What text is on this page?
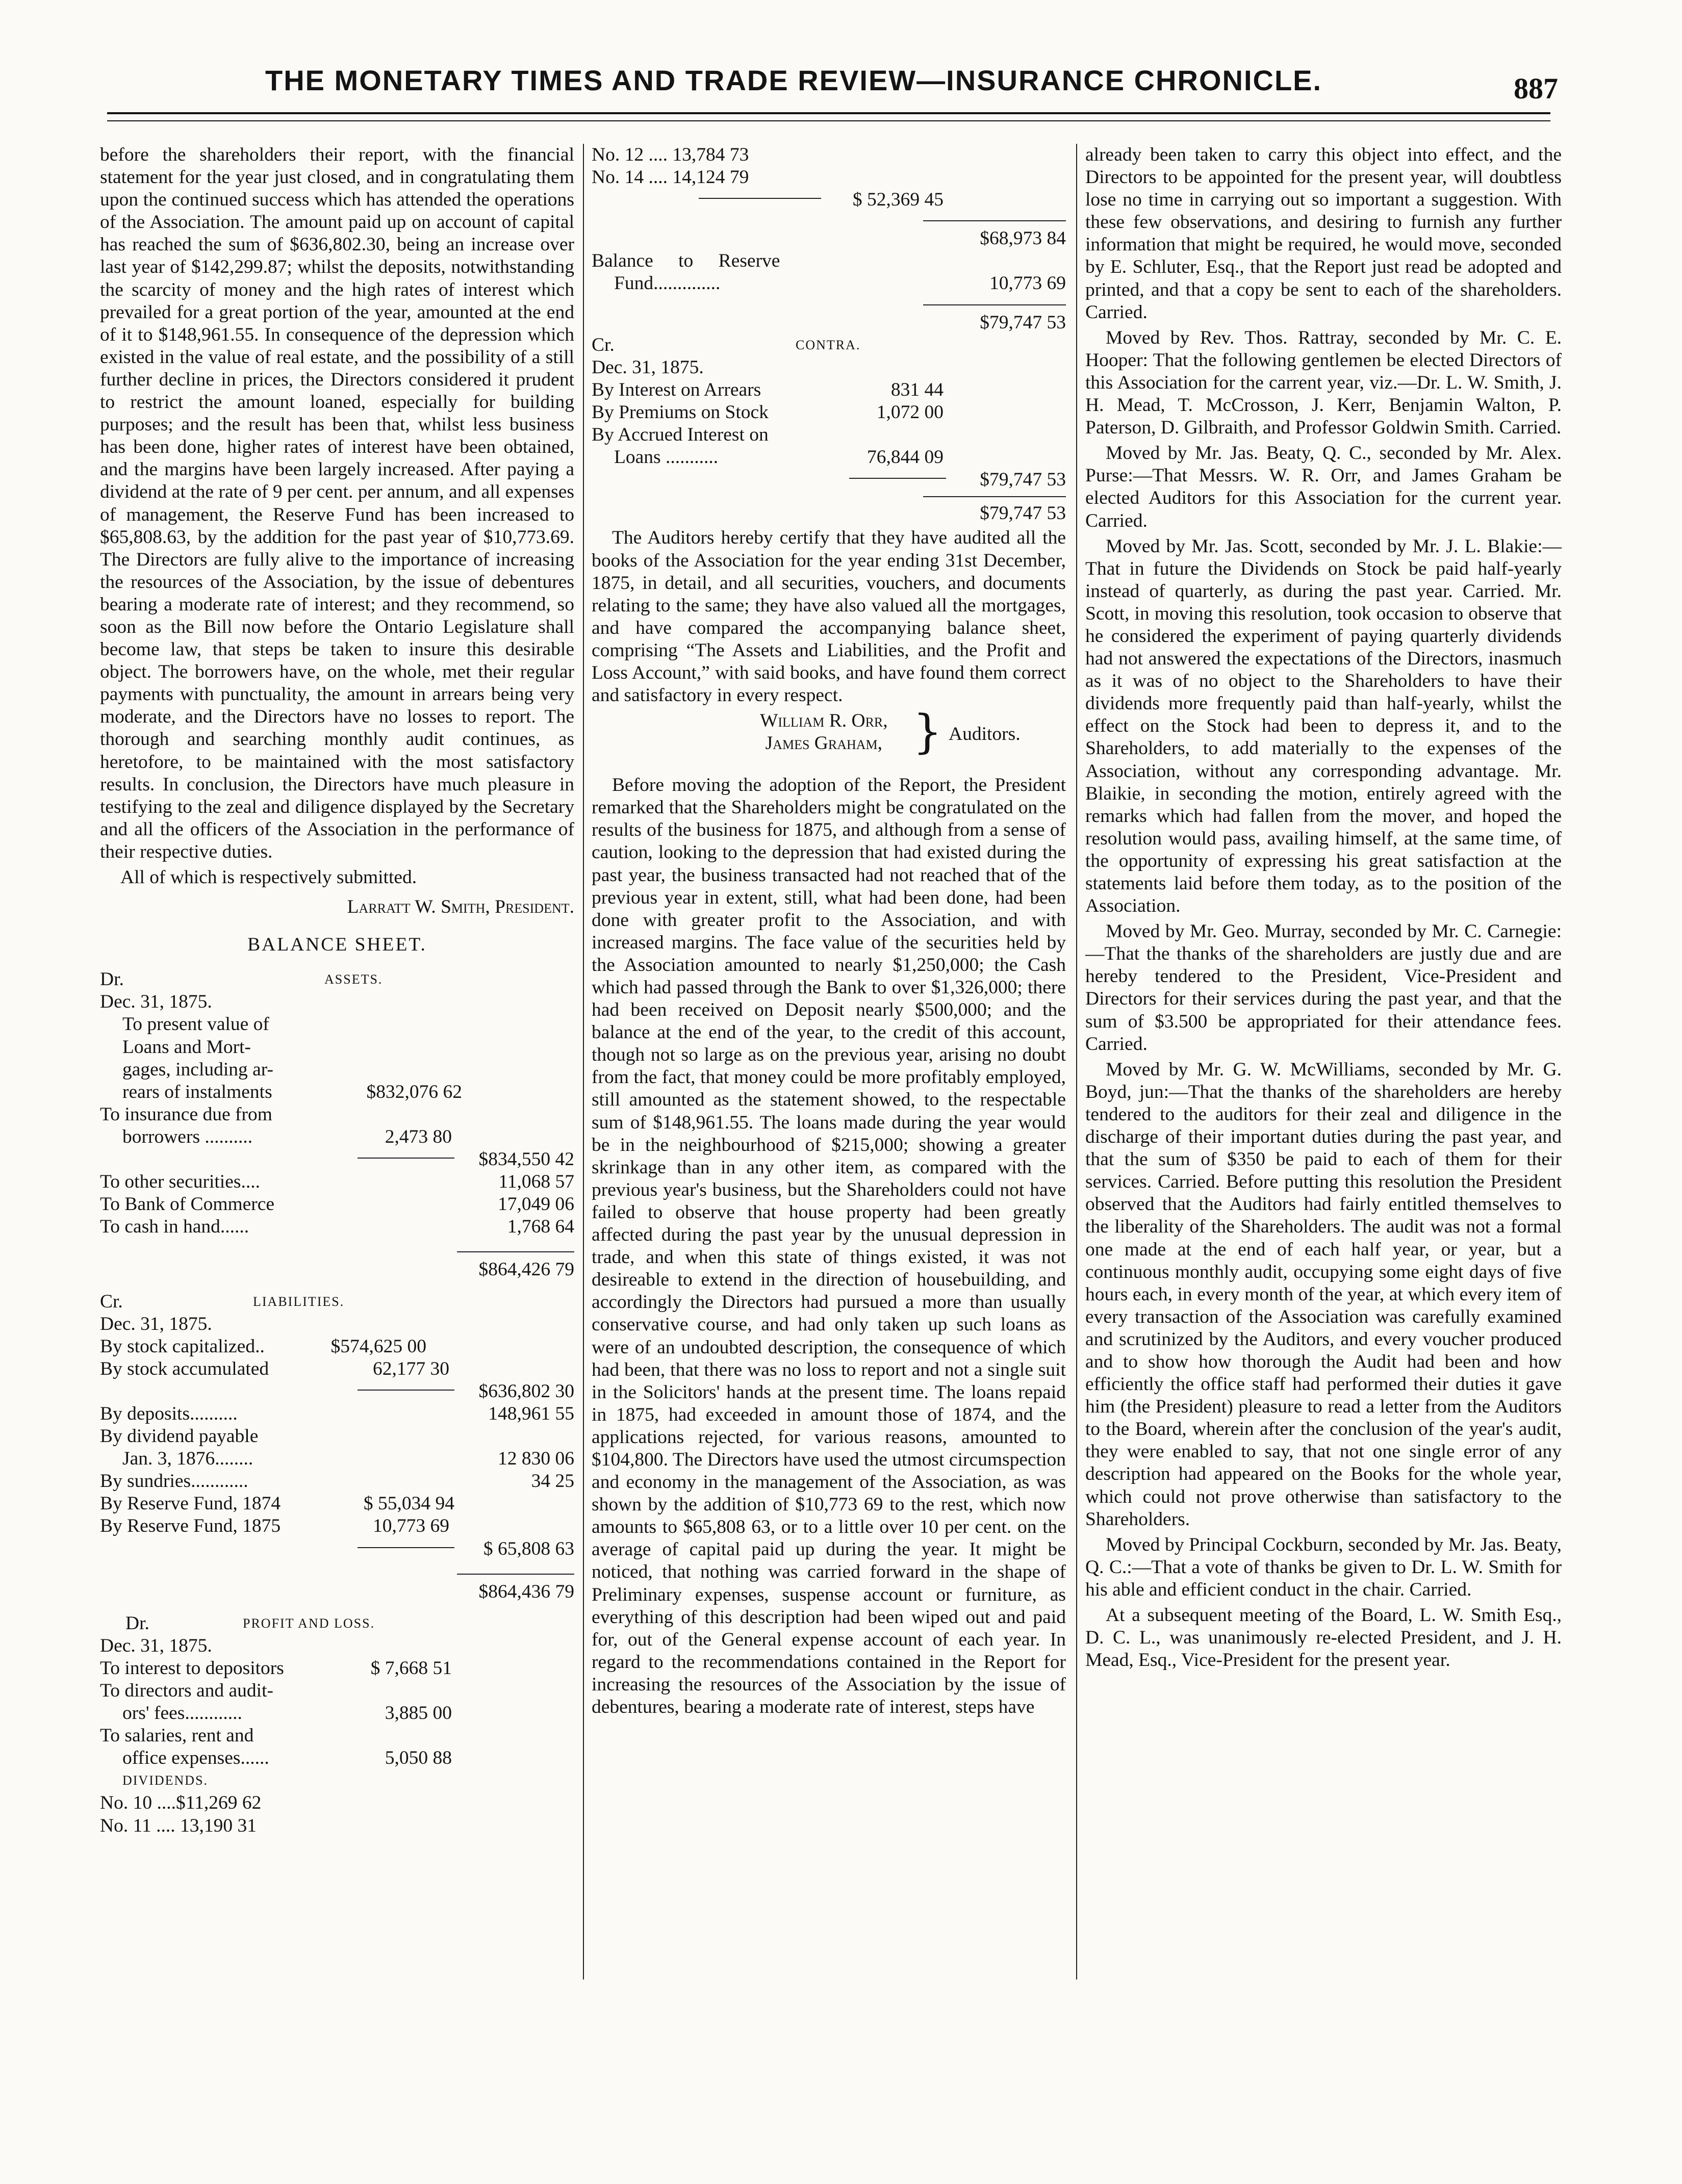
THE MONETARY TIMES AND TRADE REVIEW—INSURANCE CHRONICLE.	887

before the shareholders their report, with the financial statement for the year just closed, and in congratulating them upon the continued success which has attended the operations of the Association. The amount paid up on account of capital has reached the sum of $636,802.30, being an increase over last year of $142,299.87; whilst the deposits, notwithstanding the scarcity of money and the high rates of interest which prevailed for a great portion of the year, amounted at the end of it to $148,961.55. In consequence of the depression which existed in the value of real estate, and the possibility of a still further decline in prices, the Directors considered it prudent to restrict the amount loaned, especially for building purposes; and the result has been that, whilst less business has been done, higher rates of interest have been obtained, and the margins have been largely increased. After paying a dividend at the rate of 9 per cent. per annum, and all expenses of management, the Reserve Fund has been increased to $65,808.63, by the addition for the past year of $10,773.69. The Directors are fully alive to the importance of increasing the resources of the Association, by the issue of debentures bearing a moderate rate of interest; and they recommend, so soon as the Bill now before the Ontario Legislature shall become law, that steps be taken to insure this desirable object. The borrowers have, on the whole, met their regular payments with punctuality, the amount in arrears being very moderate, and the Directors have no losses to report. The thorough and searching monthly audit continues, as heretofore, to be maintained with the most satisfactory results. In conclusion, the Directors have much pleasure in testifying to the zeal and diligence displayed by the Secretary and all the officers of the Association in the performance of their respective duties.

All of which is respectively submitted.

Larratt W. Smith, President.
BALANCE SHEET.
Dr.	ASSETS.
Dec. 31, 1875.
To present value of
Loans and Mort-
gages, including ar-
rears of instalments	$832,076 62
To insurance due from
borrowers ..........	2,473 80
$834,550 42
To other securities....	11,068 57
To Bank of Commerce	17,049 06
To cash in hand......	1,768 64
$864,426 79
Cr.	LIABILITIES.
Dec. 31, 1875.
By stock capitalized..	$574,625 00
By stock accumulated	62,177 30
$636,802 30
By deposits..........	148,961 55
By dividend payable
Jan. 3, 1876........	12 830 06
By sundries............	34 25
By Reserve Fund, 1874	$ 55,034 94
By Reserve Fund, 1875	10,773 69
$ 65,808 63
$864,436 79
Dr.	PROFIT AND LOSS.
Dec. 31, 1875.
To interest to depositors	$ 7,668 51
To directors and audit-
ors' fees............	3,885 00
To salaries, rent and
office expenses......	5,050 88
DIVIDENDS.
No. 10 ....$11,269 62
No. 11 .... 13,190 31
No. 12 .... 13,784 73
No. 14 .... 14,124 79
$ 52,369 45
$68,973 84
Balance to Reserve
Fund..............	10,773 69
$79,747 53
Cr.	CONTRA.
Dec. 31, 1875.
By Interest on Arrears	831 44
By Premiums on Stock	1,072 00
By Accrued Interest on
Loans ...........	76,844 09
$79,747 53
$79,747 53

The Auditors hereby certify that they have audited all the books of the Association for the year ending 31st December, 1875, in detail, and all securities, vouchers, and documents relating to the same; they have also valued all the mortgages, and have compared the accompanying balance sheet, comprising “The Assets and Liabilities, and the Profit and Loss Account,” with said books, and have found them correct and satisfactory in every respect.

William R. Orr,
James Graham, } Auditors.

Before moving the adoption of the Report, the President remarked that the Shareholders might be congratulated on the results of the business for 1875, and although from a sense of caution, looking to the depression that had existed during the past year, the business transacted had not reached that of the previous year in extent, still, what had been done, had been done with greater profit to the Association, and with increased margins. The face value of the securities held by the Association amounted to nearly $1,250,000; the Cash which had passed through the Bank to over $1,326,000; there had been received on Deposit nearly $500,000; and the balance at the end of the year, to the credit of this account, though not so large as on the previous year, arising no doubt from the fact, that money could be more profitably employed, still amounted as the statement showed, to the respectable sum of $148,961.55. The loans made during the year would be in the neighbourhood of $215,000; showing a greater skrinkage than in any other item, as compared with the previous year's business, but the Shareholders could not have failed to observe that house property had been greatly affected during the past year by the unusual depression in trade, and when this state of things existed, it was not desireable to extend in the direction of housebuilding, and accordingly the Directors had pursued a more than usually conservative course, and had only taken up such loans as were of an undoubted description, the consequence of which had been, that there was no loss to report and not a single suit in the Solicitors' hands at the present time. The loans repaid in 1875, had exceeded in amount those of 1874, and the applications rejected, for various reasons, amounted to $104,800. The Directors have used the utmost circumspection and economy in the management of the Association, as was shown by the addition of $10,773 69 to the rest, which now amounts to $65,808 63, or to a little over 10 per cent. on the average of capital paid up during the year. It might be noticed, that nothing was carried forward in the shape of Preliminary expenses, suspense account or furniture, as everything of this description had been wiped out and paid for, out of the General expense account of each year. In regard to the recommendations contained in the Report for increasing the resources of the Association by the issue of debentures, bearing a moderate rate of interest, steps have

already been taken to carry this object into effect, and the Directors to be appointed for the present year, will doubtless lose no time in carrying out so important a suggestion. With these few observations, and desiring to furnish any further information that might be required, he would move, seconded by E. Schluter, Esq., that the Report just read be adopted and printed, and that a copy be sent to each of the shareholders. Carried.

Moved by Rev. Thos. Rattray, seconded by Mr. C. E. Hooper: That the following gentlemen be elected Directors of this Association for the carrent year, viz.—Dr. L. W. Smith, J. H. Mead, T. McCrosson, J. Kerr, Benjamin Walton, P. Paterson, D. Gilbraith, and Professor Goldwin Smith. Carried.

Moved by Mr. Jas. Beaty, Q. C., seconded by Mr. Alex. Purse:—That Messrs. W. R. Orr, and James Graham be elected Auditors for this Association for the current year. Carried.

Moved by Mr. Jas. Scott, seconded by Mr. J. L. Blakie:—That in future the Dividends on Stock be paid half-yearly instead of quarterly, as during the past year. Carried. Mr. Scott, in moving this resolution, took occasion to observe that he considered the experiment of paying quarterly dividends had not answered the expectations of the Directors, inasmuch as it was of no object to the Shareholders to have their dividends more frequently paid than half-yearly, whilst the effect on the Stock had been to depress it, and to the Shareholders, to add materially to the expenses of the Association, without any corresponding advantage. Mr. Blaikie, in seconding the motion, entirely agreed with the remarks which had fallen from the mover, and hoped the resolution would pass, availing himself, at the same time, of the opportunity of expressing his great satisfaction at the statements laid before them today, as to the position of the Association.

Moved by Mr. Geo. Murray, seconded by Mr. C. Carnegie:—That the thanks of the shareholders are justly due and are hereby tendered to the President, Vice-President and Directors for their services during the past year, and that the sum of $3.500 be appropriated for their attendance fees. Carried.

Moved by Mr. G. W. McWilliams, seconded by Mr. G. Boyd, jun:—That the thanks of the shareholders are hereby tendered to the auditors for their zeal and diligence in the discharge of their important duties during the past year, and that the sum of $350 be paid to each of them for their services. Carried. Before putting this resolution the President observed that the Auditors had fairly entitled themselves to the liberality of the Shareholders. The audit was not a formal one made at the end of each half year, or year, but a continuous monthly audit, occupying some eight days of five hours each, in every month of the year, at which every item of every transaction of the Association was carefully examined and scrutinized by the Auditors, and every voucher produced and to show how thorough the Audit had been and how efficiently the office staff had performed their duties it gave him (the President) pleasure to read a letter from the Auditors to the Board, wherein after the conclusion of the year's audit, they were enabled to say, that not one single error of any description had appeared on the Books for the whole year, which could not prove otherwise than satisfactory to the Shareholders.

Moved by Principal Cockburn, seconded by Mr. Jas. Beaty, Q. C.:—That a vote of thanks be given to Dr. L. W. Smith for his able and efficient conduct in the chair. Carried.

At a subsequent meeting of the Board, L. W. Smith Esq., D. C. L., was unanimously re-elected President, and J. H. Mead, Esq., Vice-President for the present year.
